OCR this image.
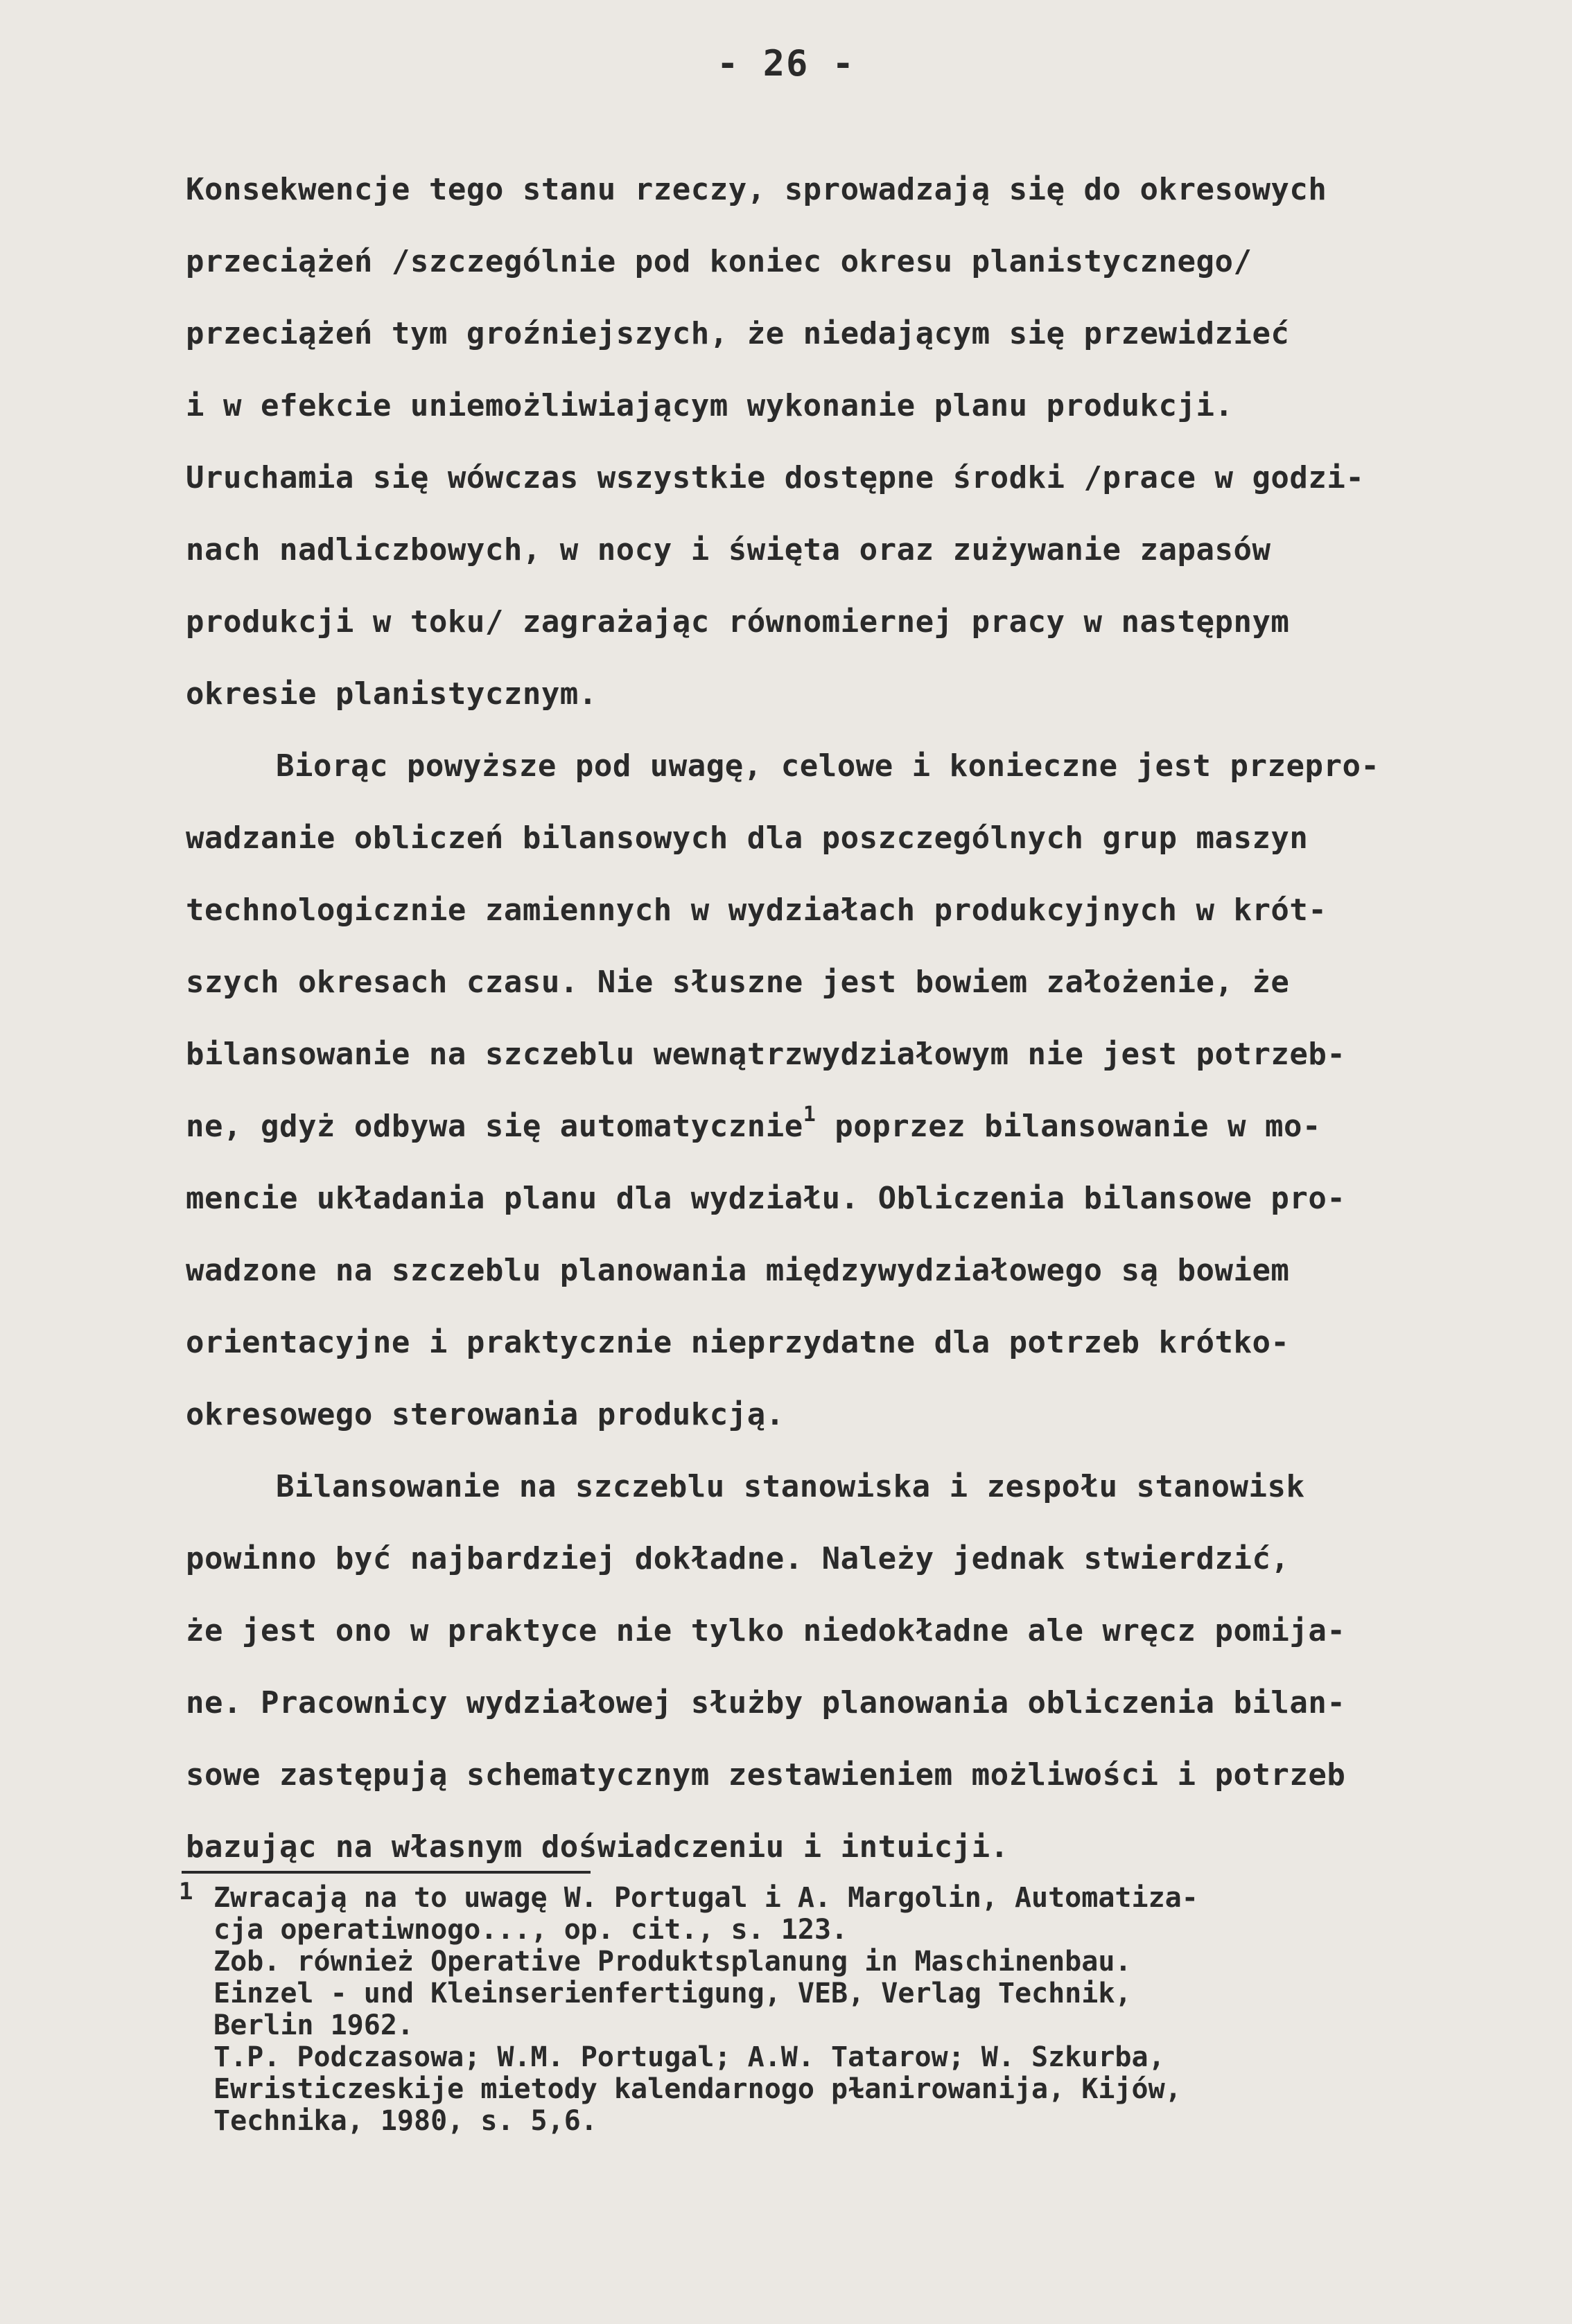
- 26 -
Konsekwencje tego stanu rzeczy, sprowadzają się do okresowych
przeciążeń /szczególnie pod koniec okresu planistycznego/
przeciążeń tym groźniejszych, że niedającym się przewidzieć
i w efekcie uniemożliwiającym wykonanie planu produkcji.
Uruchamia się wówczas wszystkie dostępne środki /prace w godzi-
nach nadliczbowych, w nocy i święta oraz zużywanie zapasów
produkcji w toku/ zagrażając równomiernej pracy w następnym
okresie planistycznym.
Biorąc powyższe pod uwagę, celowe i konieczne jest przepro-
wadzanie obliczeń bilansowych dla poszczególnych grup maszyn
technologicznie zamiennych w wydziałach produkcyjnych w krót-
szych okresach czasu. Nie słuszne jest bowiem założenie, że
bilansowanie na szczeblu wewnątrzwydziałowym nie jest potrzeb-
ne, gdyż odbywa się automatycznie$^1$ poprzez bilansowanie w mo-
mencie układania planu dla wydziału. Obliczenia bilansowe pro-
wadzone na szczeblu planowania międzywydziałowego są bowiem
orientacyjne i praktycznie nieprzydatne dla potrzeb krótko-
okresowego sterowania produkcją.
Bilansowanie na szczeblu stanowiska i zespołu stanowisk
powinno być najbardziej dokładne. Należy jednak stwierdzić,
że jest ono w praktyce nie tylko niedokładne ale wręcz pomija-
ne. Pracownicy wydziałowej służby planowania obliczenia bilan-
sowe zastępują schematycznym zestawieniem możliwości i potrzeb
bazując na własnym doświadczeniu i intuicji.
1 Zwracają na to uwagę W. Portugal i A. Margolin, Automatiza-
cja operatiwnogo..., op. cit., s. 123.
Zob. również Operative Produktsplanung in Maschinenbau.
Einzel - und Kleinserienfertigung, VEB, Verlag Technik,
Berlin 1962.
T.P. Podczasowa; W.M. Portugal; A.W. Tatarow; W. Szkurba,
Ewristiczeskije mietody kalendarnogo pɫanirowanija, Kijów,
Technika, 1980, s. 5,6.
